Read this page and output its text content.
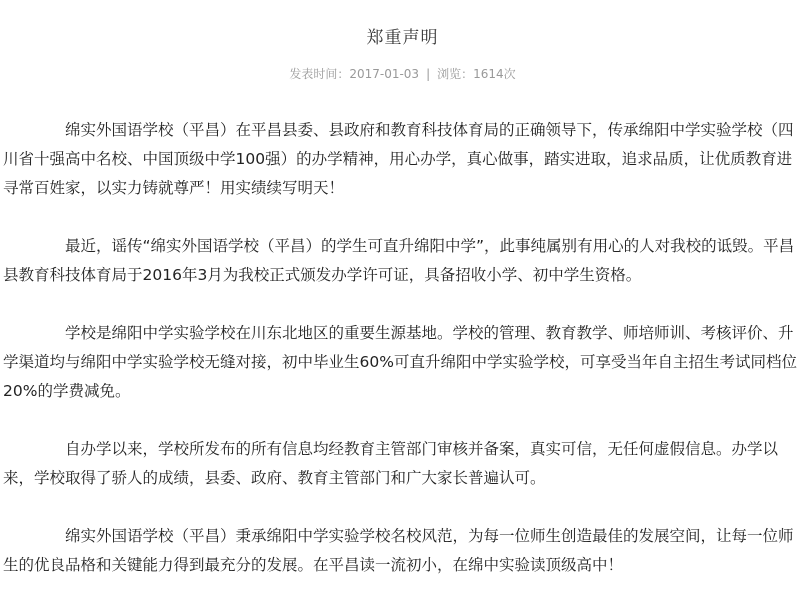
郑重声明
发表时间：2017-01-03 | 浏览：1614次

绵实外国语学校（平昌）在平昌县委、县政府和教育科技体育局的正确领导下，传承绵阳中学实验学校（四川省十强高中名校、中国顶级中学100强）的办学精神，用心办学，真心做事，踏实进取，追求品质，让优质教育进寻常百姓家，以实力铸就尊严！用实绩续写明天！

最近，谣传“绵实外国语学校（平昌）的学生可直升绵阳中学”，此事纯属别有用心的人对我校的诋毁。平昌县教育科技体育局于2016年3月为我校正式颁发办学许可证，具备招收小学、初中学生资格。

学校是绵阳中学实验学校在川东北地区的重要生源基地。学校的管理、教育教学、师培师训、考核评价、升学渠道均与绵阳中学实验学校无缝对接，初中毕业生60%可直升绵阳中学实验学校，可享受当年自主招生考试同档位20%的学费减免。

自办学以来，学校所发布的所有信息均经教育主管部门审核并备案，真实可信，无任何虚假信息。办学以来，学校取得了骄人的成绩，县委、政府、教育主管部门和广大家长普遍认可。

绵实外国语学校（平昌）秉承绵阳中学实验学校名校风范，为每一位师生创造最佳的发展空间，让每一位师生的优良品格和关键能力得到最充分的发展。在平昌读一流初小，在绵中实验读顶级高中！
